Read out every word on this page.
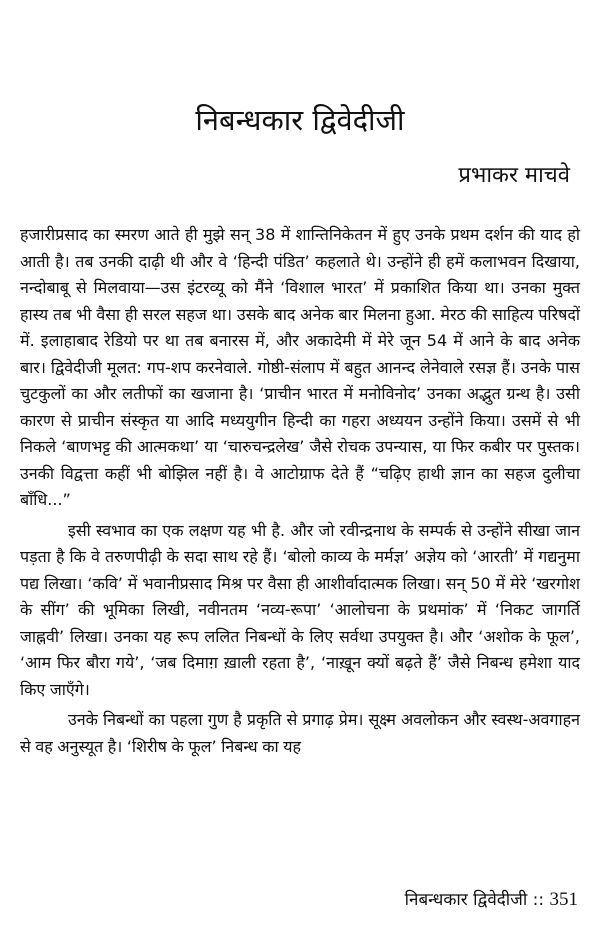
निबन्धकार द्विवेदीजी
प्रभाकर माचवे

हजारीप्रसाद का स्मरण आते ही मुझे सन् 38 में शान्तिनिकेतन में हुए उनके प्रथम दर्शन की याद हो आती है। तब उनकी दाढ़ी थी और वे ‘हिन्दी पंडित’ कहलाते थे। उन्होंने ही हमें कलाभवन दिखाया, नन्दोबाबू से मिलवाया—उस इंटरव्यू को मैंने ‘विशाल भारत’ में प्रकाशित किया था। उनका मुक्त हास्य तब भी वैसा ही सरल सहज था। उसके बाद अनेक बार मिलना हुआ. मेरठ की साहित्य परिषदों में. इलाहाबाद रेडियो पर था तब बनारस में, और अकादेमी में मेरे जून 54 में आने के बाद अनेक बार। द्विवेदीजी मूलत: गप-शप करनेवाले. गोष्ठी-संलाप में बहुत आनन्द लेनेवाले रसज्ञ हैं। उनके पास चुटकुलों का और लतीफों का खजाना है। ‘प्राचीन भारत में मनोविनोद’ उनका अद्भुत ग्रन्थ है। उसी कारण से प्राचीन संस्कृत या आदि मध्ययुगीन हिन्दी का गहरा अध्ययन उन्होंने किया। उसमें से भी निकले ‘बाणभट्ट की आत्मकथा’ या ‘चारुचन्द्रलेख’ जैसे रोचक उपन्यास, या फिर कबीर पर पुस्तक। उनकी विद्वत्ता कहीं भी बोझिल नहीं है। वे आटोग्राफ देते हैं “चढ़िए हाथी ज्ञान का सहज दुलीचा बाँधि...”

इसी स्वभाव का एक लक्षण यह भी है. और जो रवीन्द्रनाथ के सम्पर्क से उन्होंने सीखा जान पड़ता है कि वे तरुणपीढ़ी के सदा साथ रहे हैं। ‘बोलो काव्य के मर्मज्ञ’ अज्ञेय को ‘आरती’ में गद्यनुमा पद्य लिखा। ‘कवि’ में भवानीप्रसाद मिश्र पर वैसा ही आशीर्वादात्मक लिखा। सन् 50 में मेरे ‘खरगोश के सींग’ की भूमिका लिखी, नवीनतम ‘नव्य-रूपा’ ‘आलोचना के प्रथमांक’ में ‘निकट जागर्ति जाह्नवी’ लिखा। उनका यह रूप ललित निबन्धों के लिए सर्वथा उपयुक्त है। और ‘अशोक के फूल’, ‘आम फिर बौरा गये’, ‘जब दिमाग़ ख़ाली रहता है’, ‘नाख़ून क्यों बढ़ते हैं’ जैसे निबन्ध हमेशा याद किए जाएँगे।

उनके निबन्धों का पहला गुण है प्रकृति से प्रगाढ़ प्रेम। सूक्ष्म अवलोकन और स्वस्थ-अवगाहन से वह अनुस्यूत है। ‘शिरीष के फूल’ निबन्ध का यह

निबन्धकार द्विवेदीजी :: 351
